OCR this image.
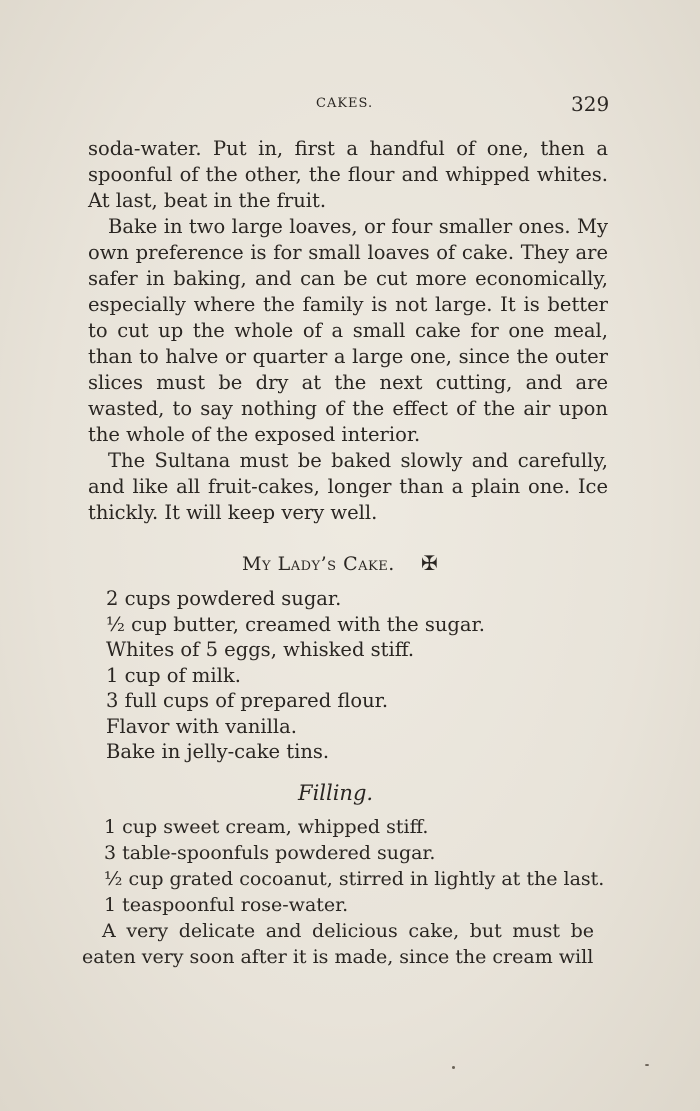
CAKES.	329

soda-water. Put in, first a handful of one, then a spoonful of the other, the flour and whipped whites. At last, beat in the fruit.

Bake in two large loaves, or four smaller ones. My own preference is for small loaves of cake. They are safer in baking, and can be cut more economically, especially where the family is not large. It is better to cut up the whole of a small cake for one meal, than to halve or quarter a large one, since the outer slices must be dry at the next cutting, and are wasted, to say nothing of the effect of the air upon the whole of the exposed interior.

The Sultana must be baked slowly and carefully, and like all fruit-cakes, longer than a plain one. Ice thickly. It will keep very well.

My Lady’s Cake. ✠
2 cups powdered sugar.
½ cup butter, creamed with the sugar.
Whites of 5 eggs, whisked stiff.
1 cup of milk.
3 full cups of prepared flour.
Flavor with vanilla.
Bake in jelly-cake tins.
Filling.
1 cup sweet cream, whipped stiff.
3 table-spoonfuls powdered sugar.
½ cup grated cocoanut, stirred in lightly at the last.
1 teaspoonful rose-water.

A very delicate and delicious cake, but must be eaten very soon after it is made, since the cream will
